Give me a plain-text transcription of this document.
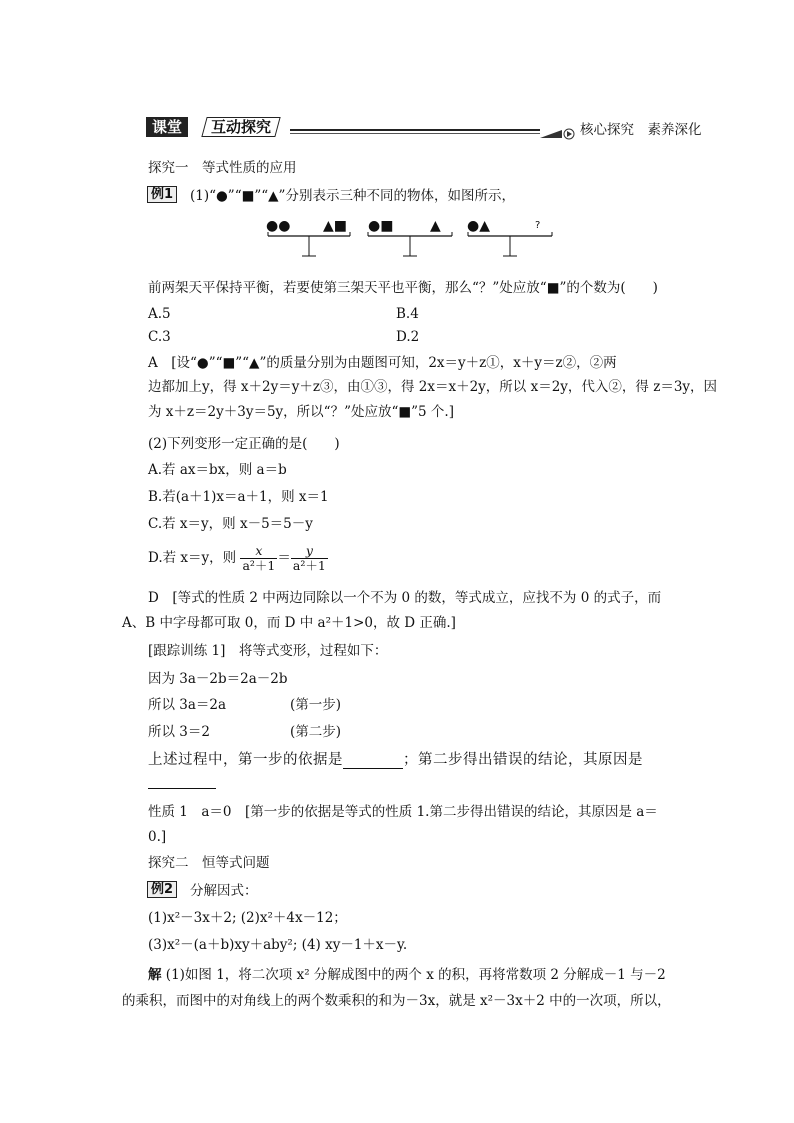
课堂	互动探究	核心探究　素养深化
探究一　等式性质的应用
例1 (1)“●”“■”“▲”分别表示三种不同的物体，如图所示，
●● ▲■ ●■	▲ ●▲	?
前两架天平保持平衡，若要使第三架天平也平衡，那么“？”处应放“■”的个数为(　　)
A.5	B.4
C.3	D.2
A　[设“●”“■”“▲”的质量分别为由题图可知，2x＝y＋z①，x＋y＝z②，②两
边都加上y，得 x＋2y＝y＋z③，由①③，得 2x＝x＋2y，所以 x＝2y，代入②，得 z＝3y，因
为 x＋z＝2y＋3y＝5y，所以“？”处应放“■”5 个.]
(2)下列变形一定正确的是(　　)
A.若 ax＝bx，则 a＝b
B.若(a＋1)x＝a＋1，则 x＝1
C.若 x＝y，则 x－5＝5－y
D.若 x＝y，则 $\frac{x}{\text{a²＋1}} = \frac{y}{\text{a²＋1}}$
D　[等式的性质 2 中两边同除以一个不为 0 的数，等式成立，应找不为 0 的式子，而
A、B 中字母都可取 0，而 D 中 a²＋1>0，故 D 正确.]
[跟踪训练 1]　将等式变形，过程如下：
因为 3a－2b＝2a－2b
所以 3a＝2a	(第一步)
所以 3＝2	(第二步)
上述过程中，第一步的依据是	；第二步得出错误的结论，其原因是
性质 1　a＝0　[第一步的依据是等式的性质 1.第二步得出错误的结论，其原因是 a＝
0.]
探究二　恒等式问题
例2 分解因式：
(1)x²－3x＋2; (2)x²＋4x－12；
(3)x²－(a＋b)xy＋aby²; (4) xy－1＋x－y.
解 (1)如图 1，将二次项 x² 分解成图中的两个 x 的积，再将常数项 2 分解成－1 与－2
的乘积，而图中的对角线上的两个数乘积的和为－3x，就是 x²－3x＋2 中的一次项，所以，
